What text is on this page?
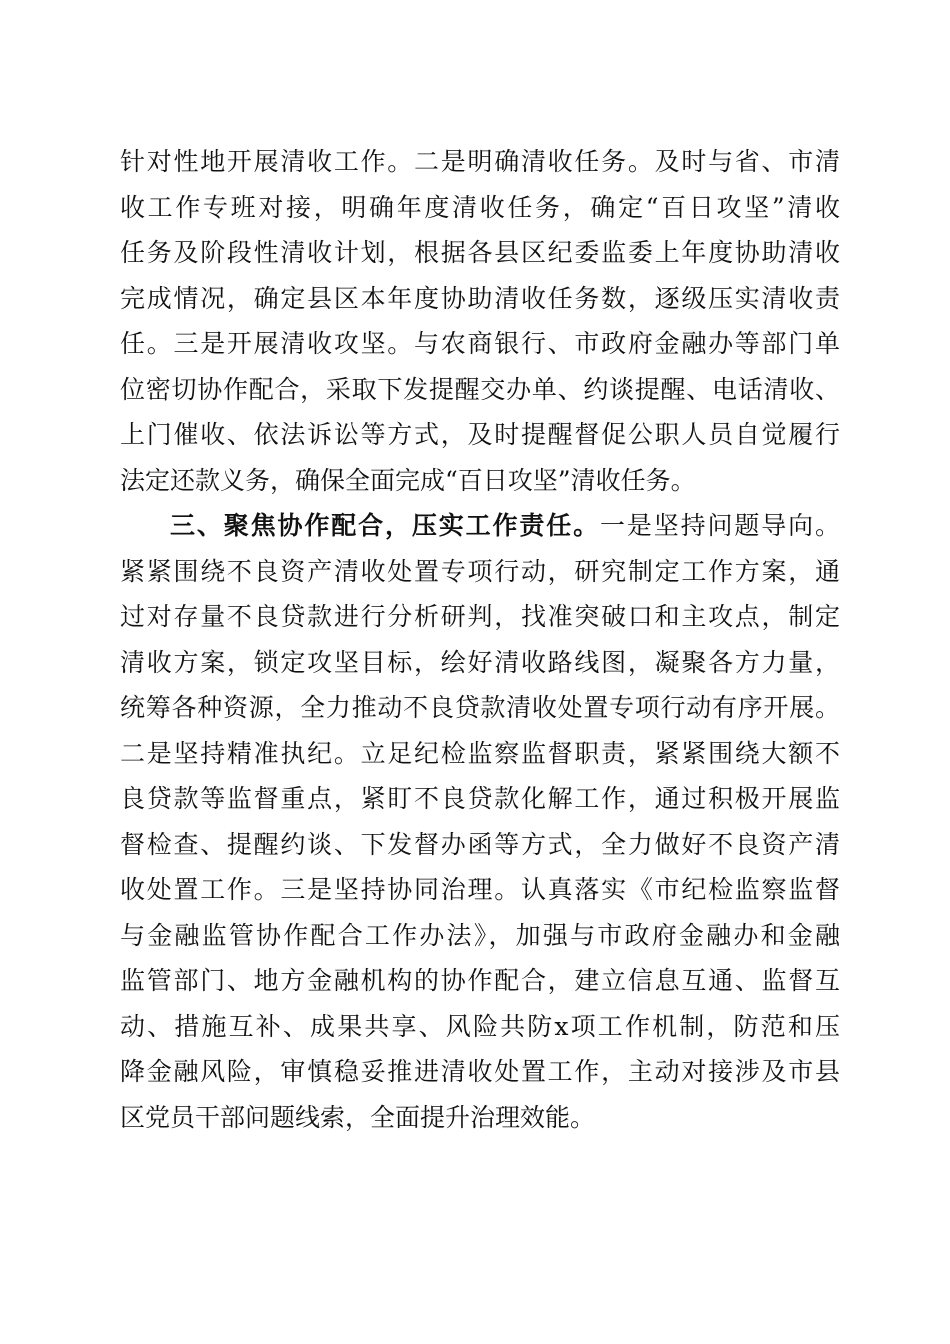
针对性地开展清收工作。二是明确清收任务。及时与省、市清
收工作专班对接，明确年度清收任务，确定“百日攻坚”清收
任务及阶段性清收计划，根据各县区纪委监委上年度协助清收
完成情况，确定县区本年度协助清收任务数，逐级压实清收责
任。三是开展清收攻坚。与农商银行、市政府金融办等部门单
位密切协作配合，采取下发提醒交办单、约谈提醒、电话清收、
上门催收、依法诉讼等方式，及时提醒督促公职人员自觉履行
法定还款义务，确保全面完成“百日攻坚”清收任务。
三、聚焦协作配合，压实工作责任。一是坚持问题导向。
紧紧围绕不良资产清收处置专项行动，研究制定工作方案，通
过对存量不良贷款进行分析研判，找准突破口和主攻点，制定
清收方案，锁定攻坚目标，绘好清收路线图，凝聚各方力量，
统筹各种资源，全力推动不良贷款清收处置专项行动有序开展。
二是坚持精准执纪。立足纪检监察监督职责，紧紧围绕大额不
良贷款等监督重点，紧盯不良贷款化解工作，通过积极开展监
督检查、提醒约谈、下发督办函等方式，全力做好不良资产清
收处置工作。三是坚持协同治理。认真落实《市纪检监察监督
与金融监管协作配合工作办法》，加强与市政府金融办和金融
监管部门、地方金融机构的协作配合，建立信息互通、监督互
动、措施互补、成果共享、风险共防x项工作机制，防范和压
降金融风险，审慎稳妥推进清收处置工作，主动对接涉及市县
区党员干部问题线索，全面提升治理效能。
